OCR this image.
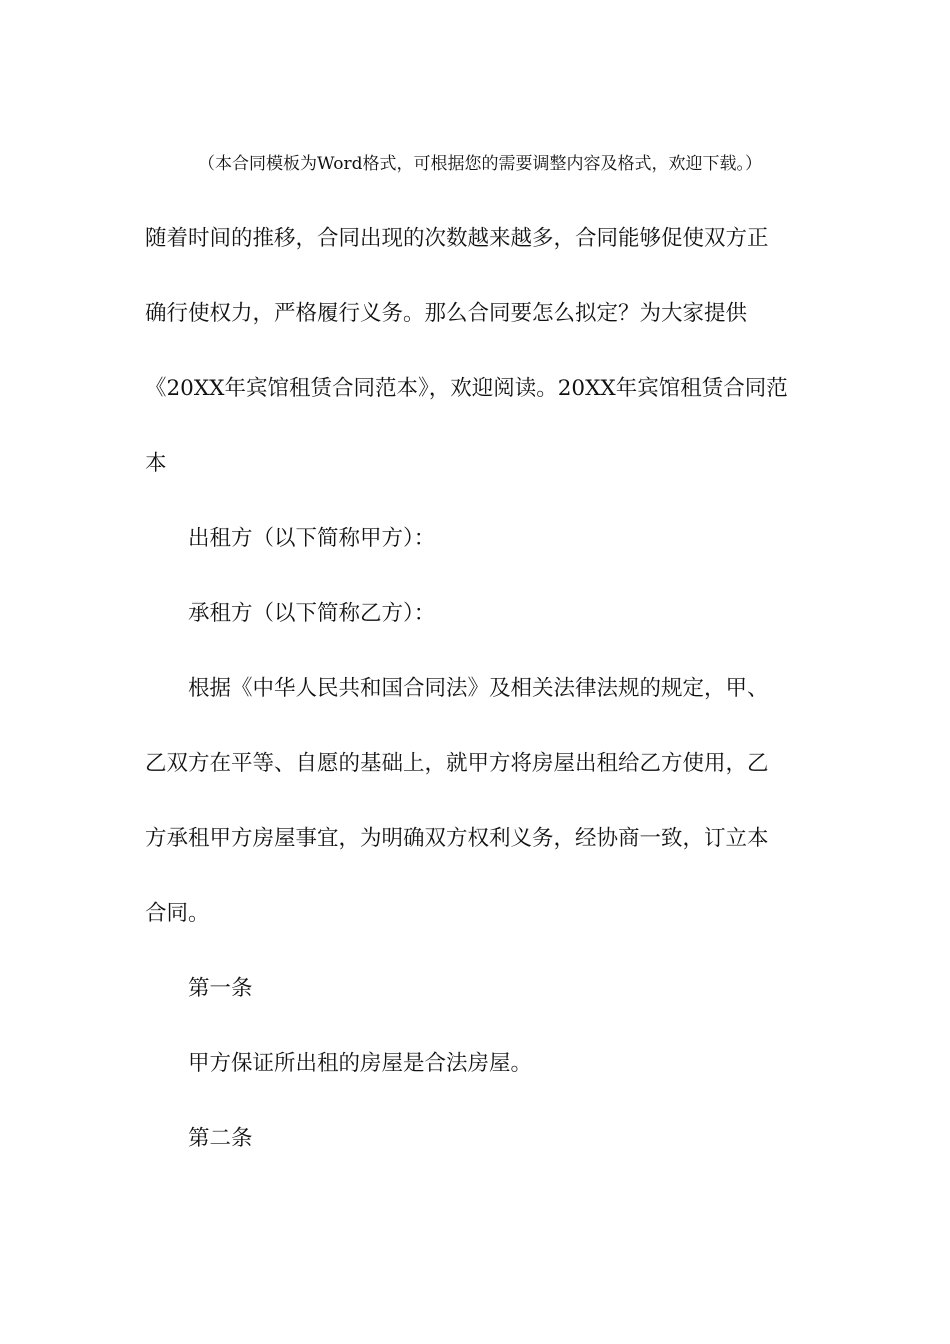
（本合同模板为Word格式，可根据您的需要调整内容及格式，欢迎下载。）
随着时间的推移，合同出现的次数越来越多，合同能够促使双方正
确行使权力，严格履行义务。那么合同要怎么拟定？为大家提供
《20XX年宾馆租赁合同范本》，欢迎阅读。20XX年宾馆租赁合同范
本
出租方（以下简称甲方）：
承租方（以下简称乙方）：
根据《中华人民共和国合同法》及相关法律法规的规定，甲、
乙双方在平等、自愿的基础上，就甲方将房屋出租给乙方使用，乙
方承租甲方房屋事宜，为明确双方权利义务，经协商一致，订立本
合同。
第一条
甲方保证所出租的房屋是合法房屋。
第二条
